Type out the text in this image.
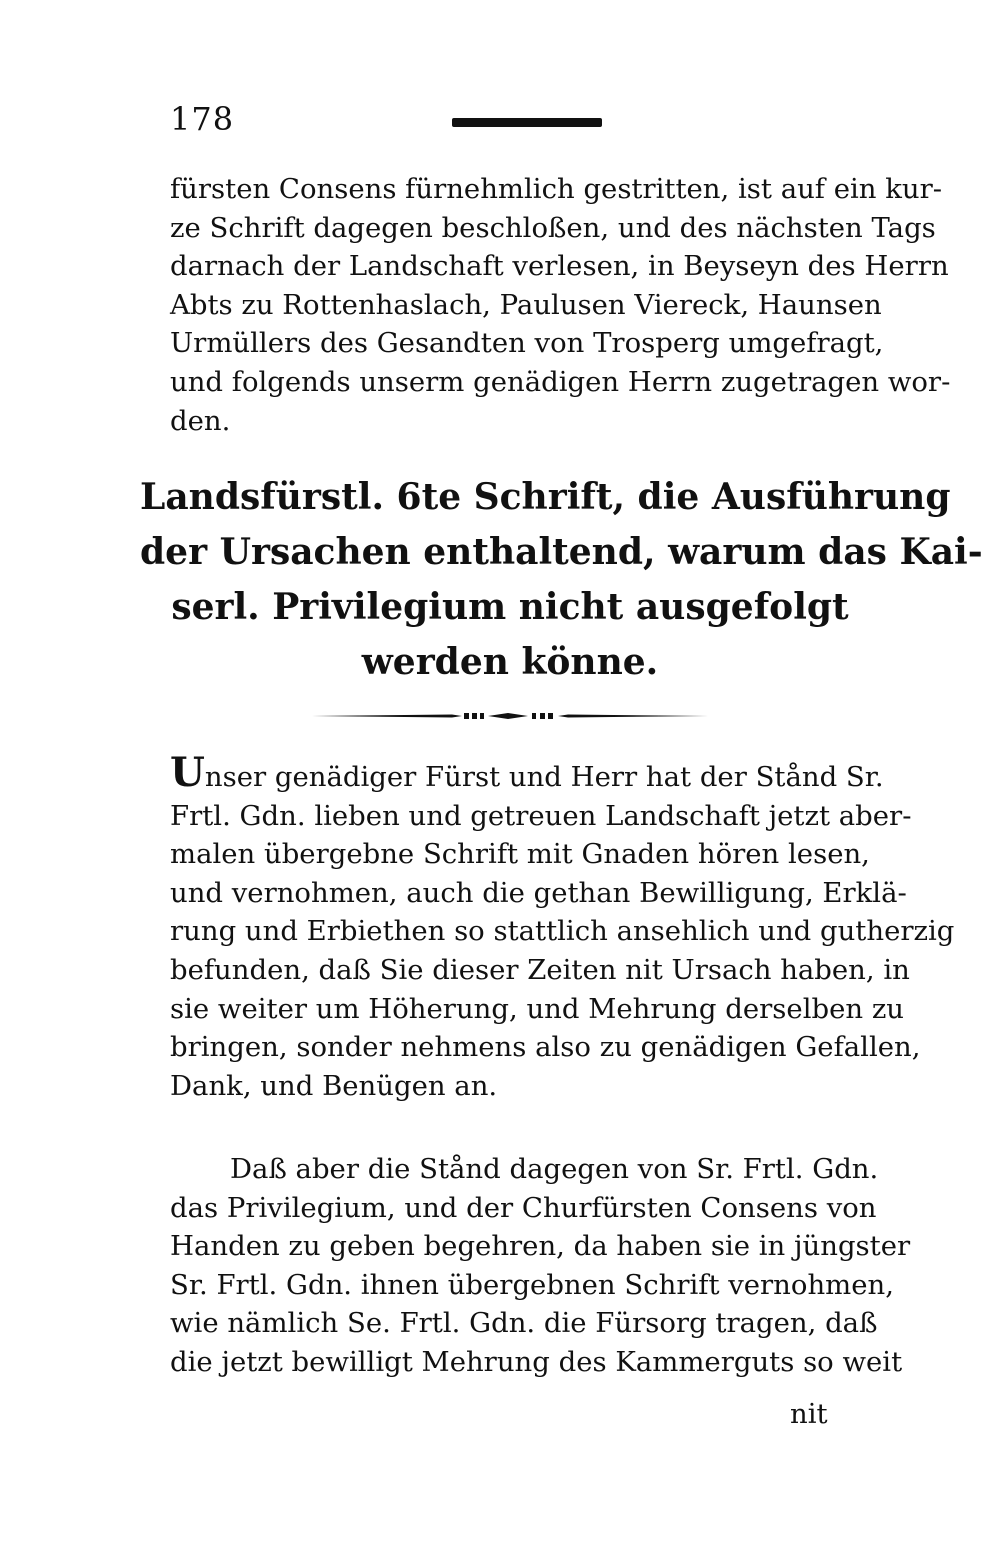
178
fürsten Consens fürnehmlich gestritten, ist auf ein kur-
ze Schrift dagegen beschloßen, und des nächsten Tags
darnach der Landschaft verlesen, in Beyseyn des Herrn
Abts zu Rottenhaslach, Paulusen Viereck, Haunsen
Urmüllers des Gesandten von Trosperg umgefragt,
und folgends unserm genädigen Herrn zugetragen wor-
den.
Landsfürstl. 6te Schrift, die Ausführung
der Ursachen enthaltend, warum das Kai-
serl. Privilegium nicht ausgefolgt
werden könne.
Unser genädiger Fürst und Herr hat der Stånd Sr.
Frtl. Gdn. lieben und getreuen Landschaft jetzt aber-
malen übergebne Schrift mit Gnaden hören lesen,
und vernohmen, auch die gethan Bewilligung, Erklä-
rung und Erbiethen so stattlich ansehlich und gutherzig
befunden, daß Sie dieser Zeiten nit Ursach haben, in
sie weiter um Höherung, und Mehrung derselben zu
bringen, sonder nehmens also zu genädigen Gefallen,
Dank, und Benügen an.
Daß aber die Stånd dagegen von Sr. Frtl. Gdn.
das Privilegium, und der Churfürsten Consens von
Handen zu geben begehren, da haben sie in jüngster
Sr. Frtl. Gdn. ihnen übergebnen Schrift vernohmen,
wie nämlich Se. Frtl. Gdn. die Fürsorg tragen, daß
die jetzt bewilligt Mehrung des Kammerguts so weit
nit
